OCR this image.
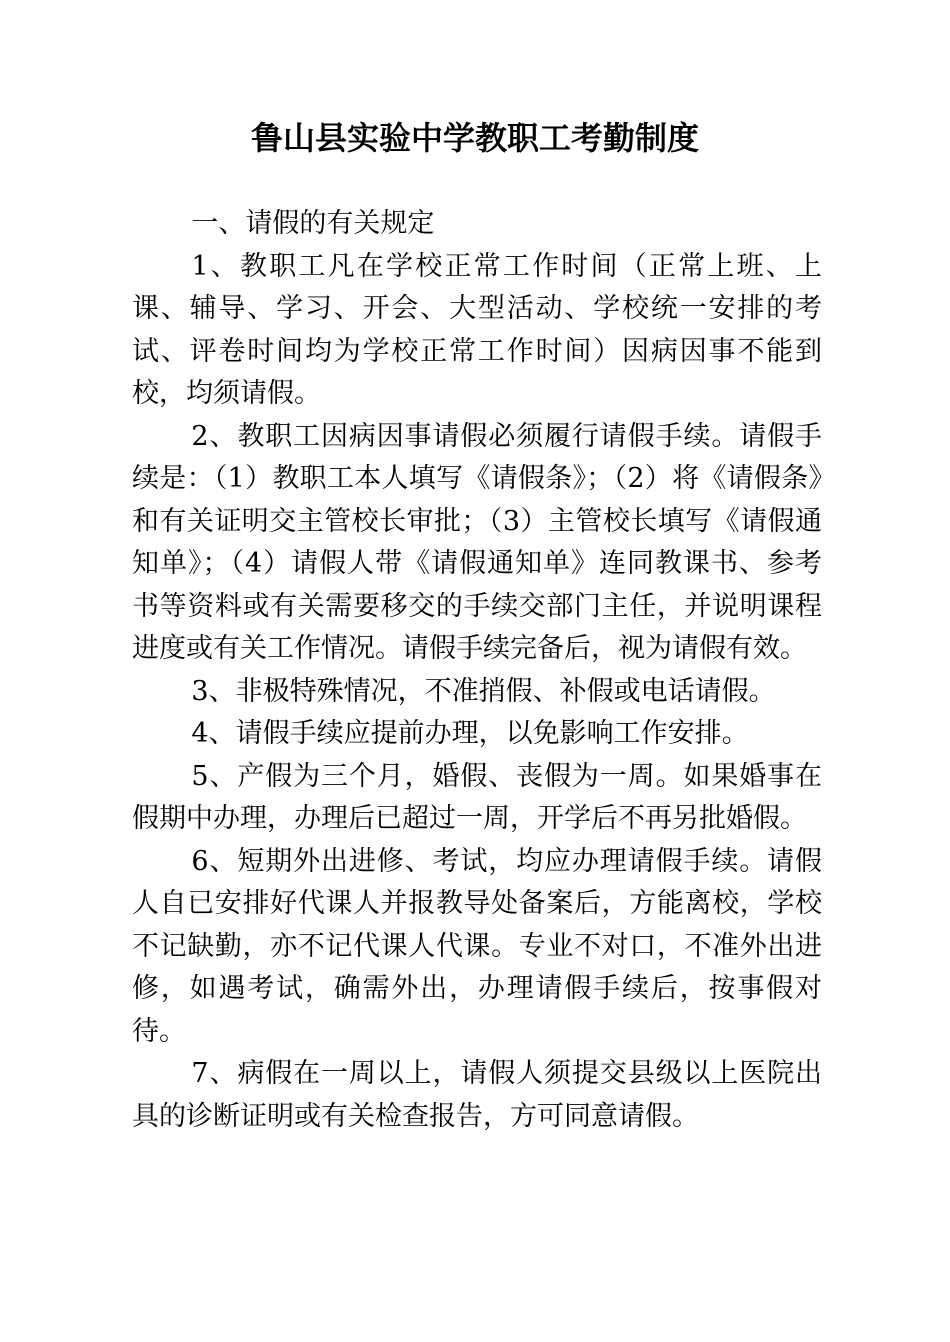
鲁山县实验中学教职工考勤制度

一、请假的有关规定

1、教职工凡在学校正常工作时间（正常上班、上课、辅导、学习、开会、大型活动、学校统一安排的考试、评卷时间均为学校正常工作时间）因病因事不能到校，均须请假。

2、教职工因病因事请假必须履行请假手续。请假手续是：（1）教职工本人填写《请假条》；（2）将《请假条》和有关证明交主管校长审批；（3）主管校长填写《请假通知单》；（4）请假人带《请假通知单》连同教课书、参考书等资料或有关需要移交的手续交部门主任，并说明课程进度或有关工作情况。请假手续完备后，视为请假有效。

3、非极特殊情况，不准捎假、补假或电话请假。

4、请假手续应提前办理，以免影响工作安排。

5、产假为三个月，婚假、丧假为一周。如果婚事在假期中办理，办理后已超过一周，开学后不再另批婚假。

6、短期外出进修、考试，均应办理请假手续。请假人自已安排好代课人并报教导处备案后，方能离校，学校不记缺勤，亦不记代课人代课。专业不对口，不准外出进修，如遇考试，确需外出，办理请假手续后，按事假对待。

7、病假在一周以上，请假人须提交县级以上医院出具的诊断证明或有关检查报告，方可同意请假。
